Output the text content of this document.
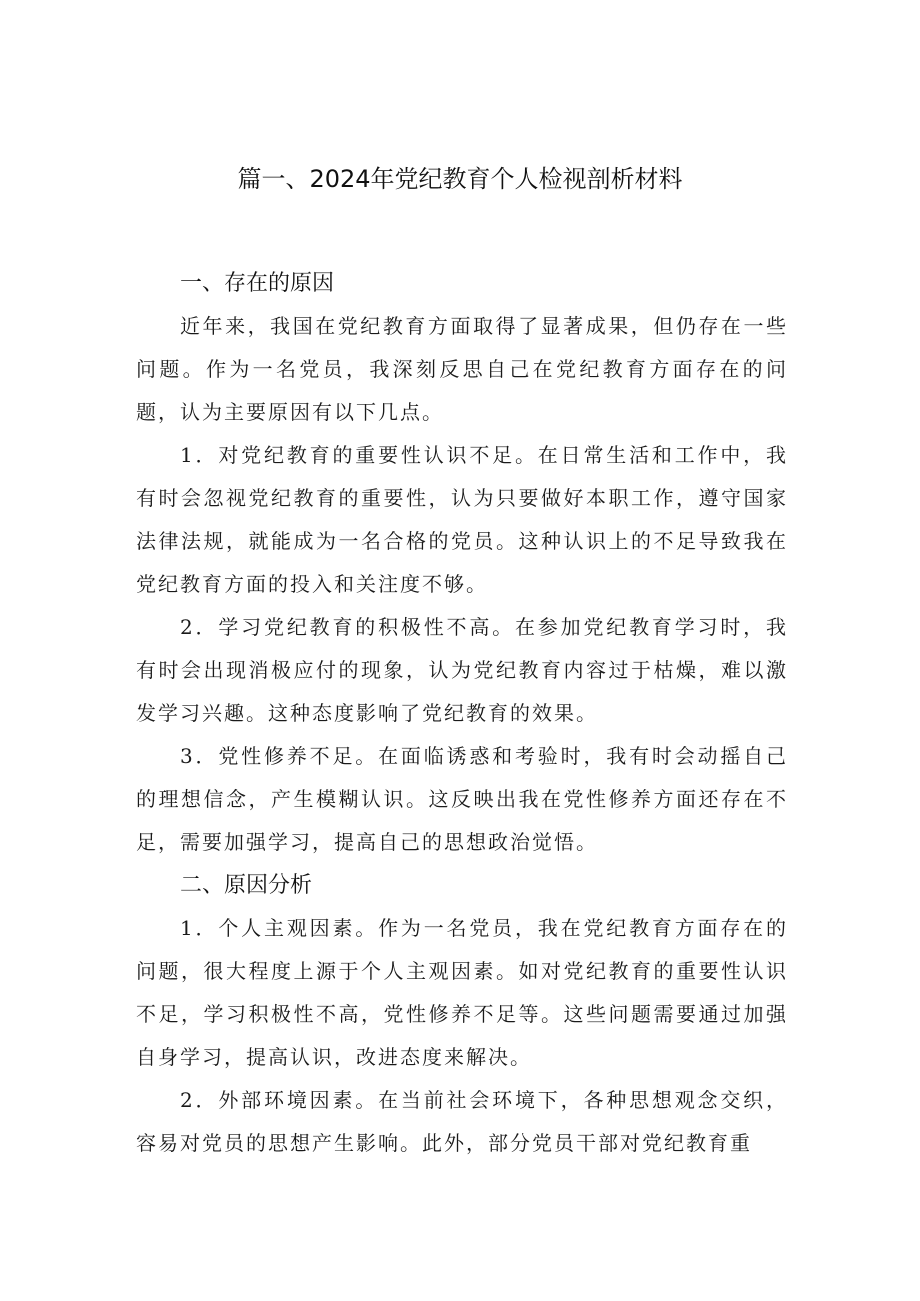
篇一、2024年党纪教育个人检视剖析材料
一、存在的原因

近年来，我国在党纪教育方面取得了显著成果，但仍存在一些问题。作为一名党员，我深刻反思自己在党纪教育方面存在的问题，认为主要原因有以下几点。

1．对党纪教育的重要性认识不足。在日常生活和工作中，我有时会忽视党纪教育的重要性，认为只要做好本职工作，遵守国家法律法规，就能成为一名合格的党员。这种认识上的不足导致我在党纪教育方面的投入和关注度不够。

2．学习党纪教育的积极性不高。在参加党纪教育学习时，我有时会出现消极应付的现象，认为党纪教育内容过于枯燥，难以激发学习兴趣。这种态度影响了党纪教育的效果。

3．党性修养不足。在面临诱惑和考验时，我有时会动摇自己的理想信念，产生模糊认识。这反映出我在党性修养方面还存在不足，需要加强学习，提高自己的思想政治觉悟。

二、原因分析

1．个人主观因素。作为一名党员，我在党纪教育方面存在的问题，很大程度上源于个人主观因素。如对党纪教育的重要性认识不足，学习积极性不高，党性修养不足等。这些问题需要通过加强自身学习，提高认识，改进态度来解决。

2．外部环境因素。在当前社会环境下，各种思想观念交织，容易对党员的思想产生影响。此外，部分党员干部对党纪教育重
